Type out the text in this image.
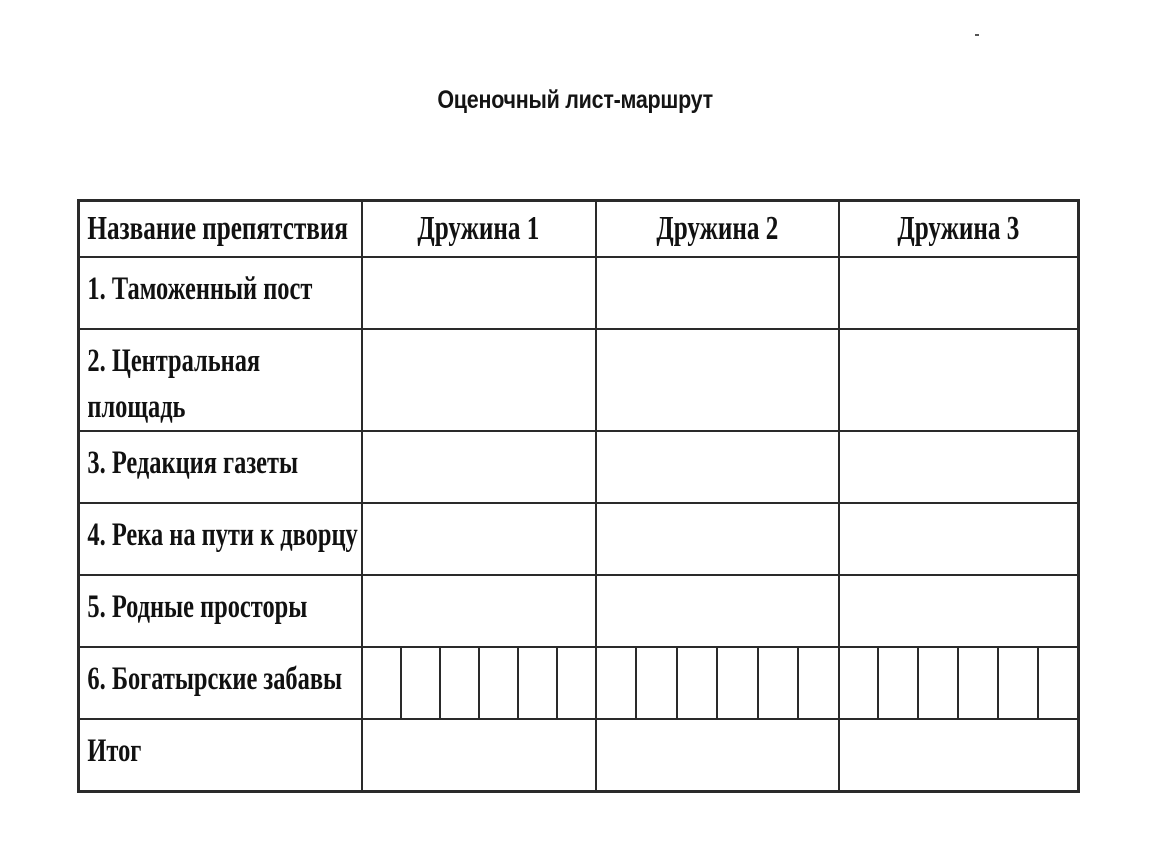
Оценочный лист-маршрут
Название препятствия	Дружина 1	Дружина 2	Дружина 3

1. Таможенный пост			

2. Центральная площадь			

3. Редакция газеты			

4. Река на пути к дворцу			

5. Родные просторы			

6. Богатырские забавы			

Итог			
